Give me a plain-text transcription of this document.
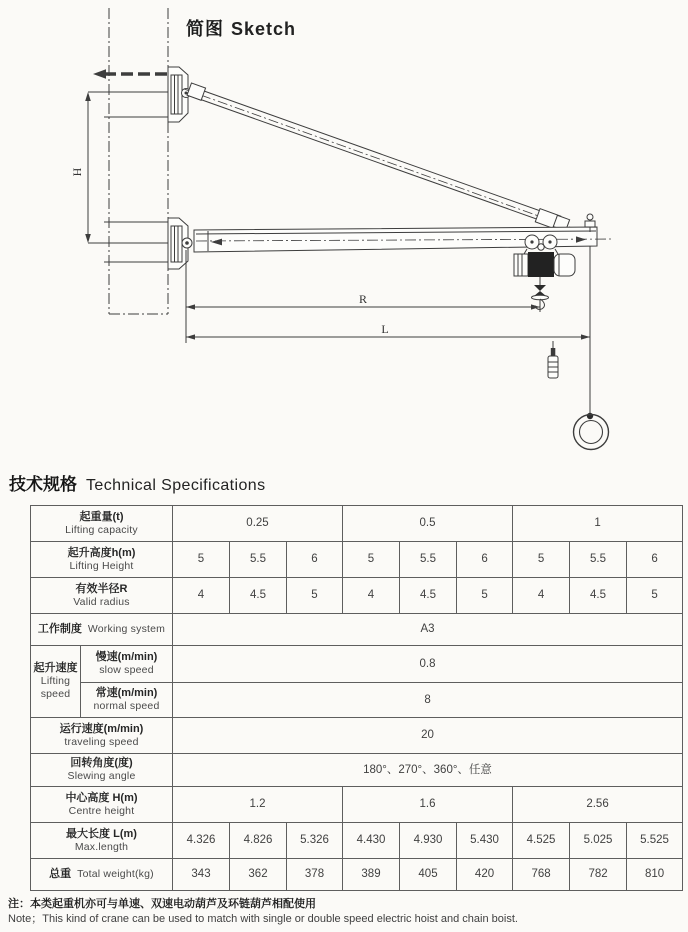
H
R
L
简图 Sketch
技术规格 Technical Specifications
起重量(t)
Lifting capacity		0.25			0.5			1		

起升高度h(m)
Lifting Height		5	5.5	6	5	5.5	6	5	5.5	6

有效半径R
Valid radius		4	4.5	5	4	4.5	5	4	4.5	5
工作制度 Working system		A3								

起升速度
Lifting speed	慢速(m/min)
slow speed	0.8								

	常速(m/min)
normal speed	8								

运行速度(m/min)
traveling speed		20								

回转角度(度)
Slewing angle		180°、270°、360°、任意								

中心高度 H(m)
Centre height		1.2			1.6			2.56		

最大长度 L(m)
Max.length		4.326	4.826	5.326	4.430	4.930	5.430	4.525	5.025	5.525
总重 Total weight(kg)		343	362	378	389	405	420	768	782	810
注：本类起重机亦可与单速、双速电动葫芦及环链葫芦相配使用
Note；This kind of crane can be used to match with single or double speed electric hoist and chain boist.
